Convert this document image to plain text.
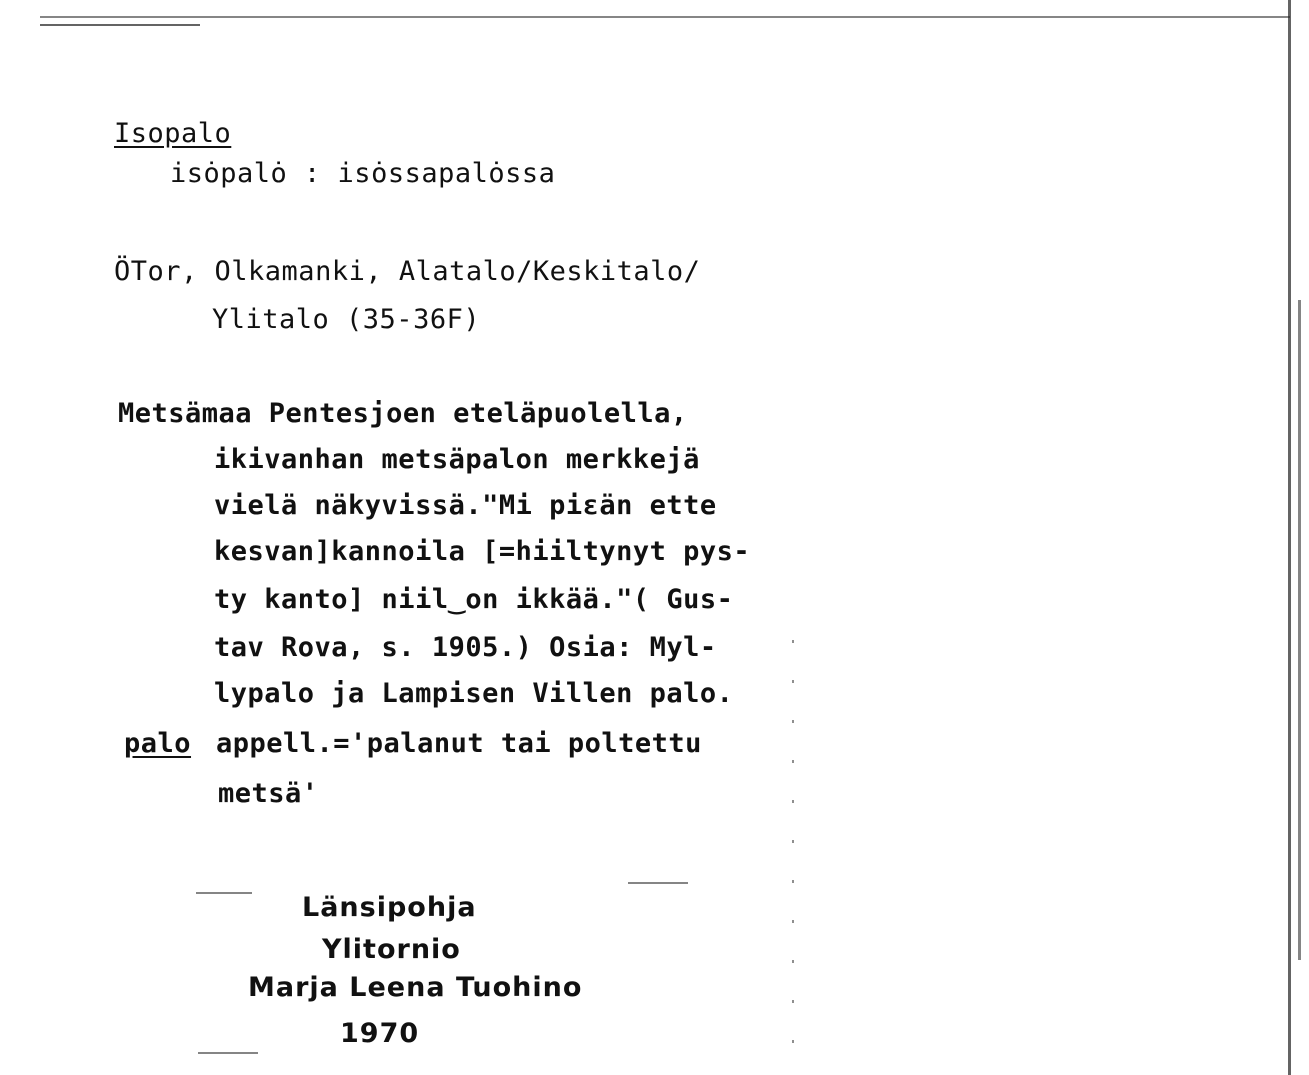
Isopalo
isȯpalȯ : isȯssapalȯssa
ÖTor, Olkamanki, Alatalo/Keskitalo/
Ylitalo (35-36F)
Metsämaa Pentesjoen eteläpuolella,
ikivanhan metsäpalon merkkejä
vielä näkyvissä."Mi piɛän ette
kesvan]kannoila [=hiiltynyt pys-
ty kanto] niil‿on ikkää."( Gus-
tav Rova, s. 1905.) Osia: Myl-
lypalo ja Lampisen Villen palo.
palo appell.='palanut tai poltettu
metsä'
Länsipohja
Ylitornio
Marja Leena Tuohino
1970
